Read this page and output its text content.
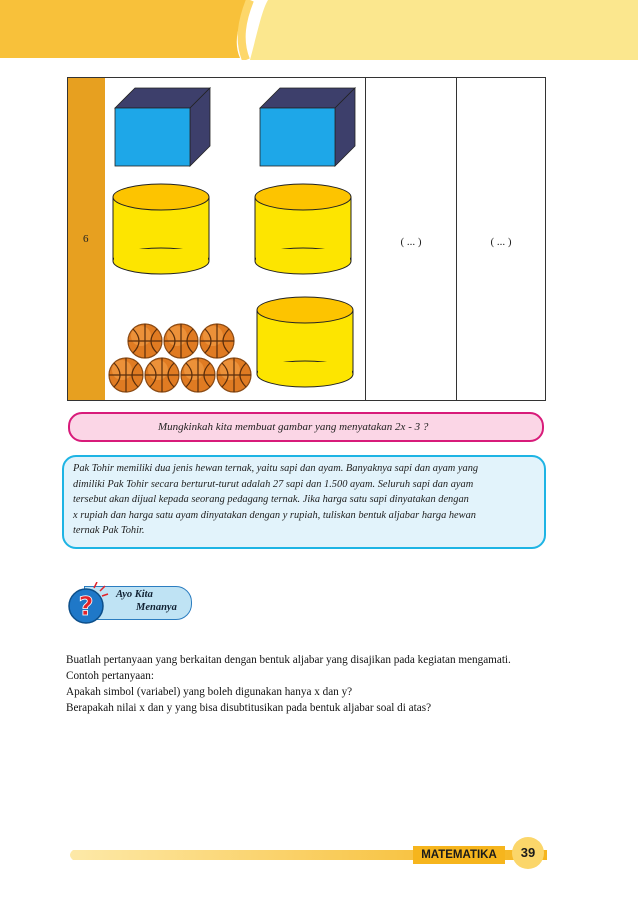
6	( ... )	( ... )
Mungkinkah kita membuat gambar yang menyatakan 2x - 3 ?
Pak Tohir memiliki dua jenis hewan ternak, yaitu sapi dan ayam. Banyaknya sapi dan ayam yang
dimiliki Pak Tohir secara berturut-turut adalah 27 sapi dan 1.500 ayam. Seluruh sapi dan ayam
tersebut akan dijual kepada seorang pedagang ternak. Jika harga satu sapi dinyatakan dengan
x rupiah dan harga satu ayam dinyatakan dengan y rupiah, tuliskan bentuk aljabar harga hewan
ternak Pak Tohir.
? Ayo Kita
Menanya

Buatlah pertanyaan yang berkaitan dengan bentuk aljabar yang disajikan pada kegiatan mengamati.

Contoh pertanyaan:

Apakah simbol (variabel) yang boleh digunakan hanya x dan y?

Berapakah nilai x dan y yang bisa disubtitusikan pada bentuk aljabar soal di atas?

MATEMATIKA	39
